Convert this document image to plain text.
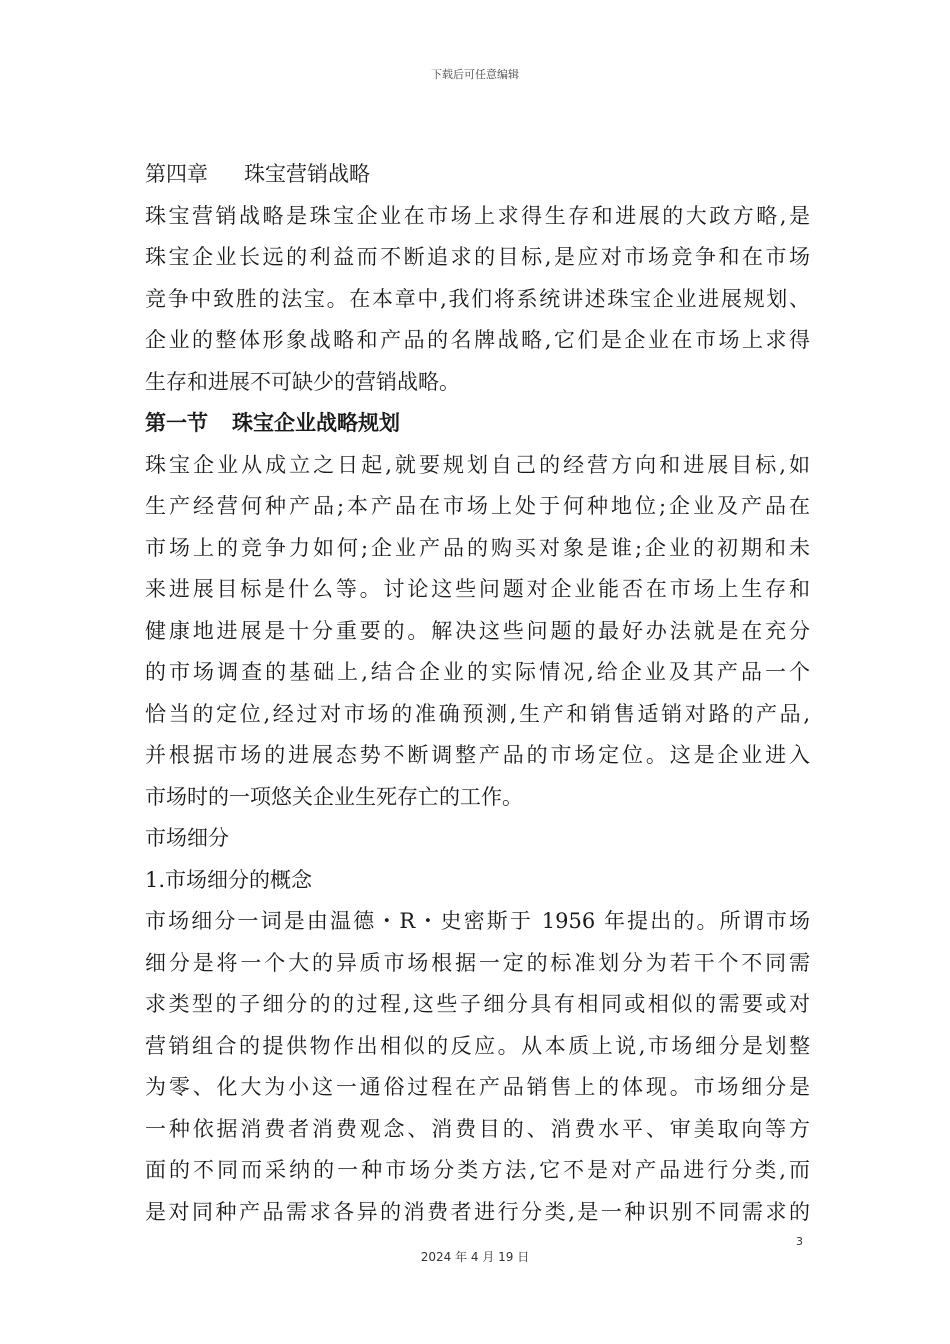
下载后可任意编辑
第四章 珠宝营销战略
珠宝营销战略是珠宝企业在市场上求得生存和进展的大政方略,是
珠宝企业长远的利益而不断追求的目标,是应对市场竞争和在市场
竞争中致胜的法宝。在本章中,我们将系统讲述珠宝企业进展规划、
企业的整体形象战略和产品的名牌战略,它们是企业在市场上求得
生存和进展不可缺少的营销战略。
第一节 珠宝企业战略规划
珠宝企业从成立之日起,就要规划自己的经营方向和进展目标,如
生产经营何种产品;本产品在市场上处于何种地位;企业及产品在
市场上的竞争力如何;企业产品的购买对象是谁;企业的初期和未
来进展目标是什么等。讨论这些问题对企业能否在市场上生存和
健康地进展是十分重要的。解决这些问题的最好办法就是在充分
的市场调查的基础上,结合企业的实际情况,给企业及其产品一个
恰当的定位,经过对市场的准确预测,生产和销售适销对路的产品,
并根据市场的进展态势不断调整产品的市场定位。这是企业进入
市场时的一项悠关企业生死存亡的工作。
市场细分
1.市场细分的概念
市场细分一词是由温德・R・史密斯于 1956 年提出的。所谓市场
细分是将一个大的异质市场根据一定的标准划分为若干个不同需
求类型的子细分的的过程,这些子细分具有相同或相似的需要或对
营销组合的提供物作出相似的反应。从本质上说,市场细分是划整
为零、化大为小这一通俗过程在产品销售上的体现。市场细分是
一种依据消费者消费观念、消费目的、消费水平、审美取向等方
面的不同而采纳的一种市场分类方法,它不是对产品进行分类,而
是对同种产品需求各异的消费者进行分类,是一种识别不同需求的
3
2024 年 4 月 19 日
